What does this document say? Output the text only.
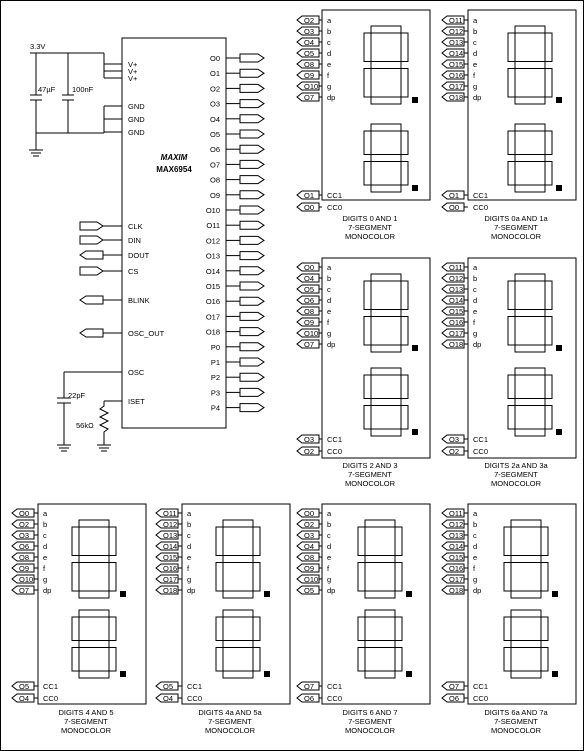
MAXIM
MAX6954
3.3V
47µF 100nF
22pF
56kΩ
V+
V+
V+
GND
GND
GND
CLK
DIN
DOUT
CS
BLINK
OSC_OUT
OSC
ISET
O0
O1
O2
O3
O4
O5
O6
O7
O8
O9
O10
O11
O12
O13
O14
O15
O16
O17
O18
P0
P1
P2
P3
P4
O2 a
O3 b
O4 c
O5 d
O8 e
O9 f
O10 g
O7 dp
O1 CC1
O0 CC0
DIGITS 0 AND 1
7-SEGMENT
MONOCOLOR
O11 a
O12 b
O13 c
O14 d
O15 e
O16 f
O17 g
O18 dp
O1 CC1
O0 CC0
DIGITS 0a AND 1a
7-SEGMENT
MONOCOLOR
O0 a
O4 b
O5 c
O6 d
O8 e
O9 f
O10 g
O7 dp
O3 CC1
O2 CC0
DIGITS 2 AND 3
7-SEGMENT
MONOCOLOR
O11 a
O12 b
O13 c
O14 d
O15 e
O16 f
O17 g
O18 dp
O3 CC1
O2 CC0
DIGITS 2a AND 3a
7-SEGMENT
MONOCOLOR
O0 a
O2 b
O3 c
O6 d
O8 e
O9 f
O10 g
O7 dp
O5 CC1
O4 CC0
DIGITS 4 AND 5
7-SEGMENT
MONOCOLOR
O11 a
O12 b
O13 c
O14 d
O15 e
O16 f
O17 g
O18 dp
O5 CC1
O4 CC0
DIGITS 4a AND 5a
7-SEGMENT
MONOCOLOR
O0 a
O2 b
O3 c
O4 d
O8 e
O9 f
O10 g
O5 dp
O7 CC1
O6 CC0
DIGITS 6 AND 7
7-SEGMENT
MONOCOLOR
O11 a
O12 b
O13 c
O14 d
O15 e
O16 f
O17 g
O18 dp
O7 CC1
O6 CC0
DIGITS 6a AND 7a
7-SEGMENT
MONOCOLOR
